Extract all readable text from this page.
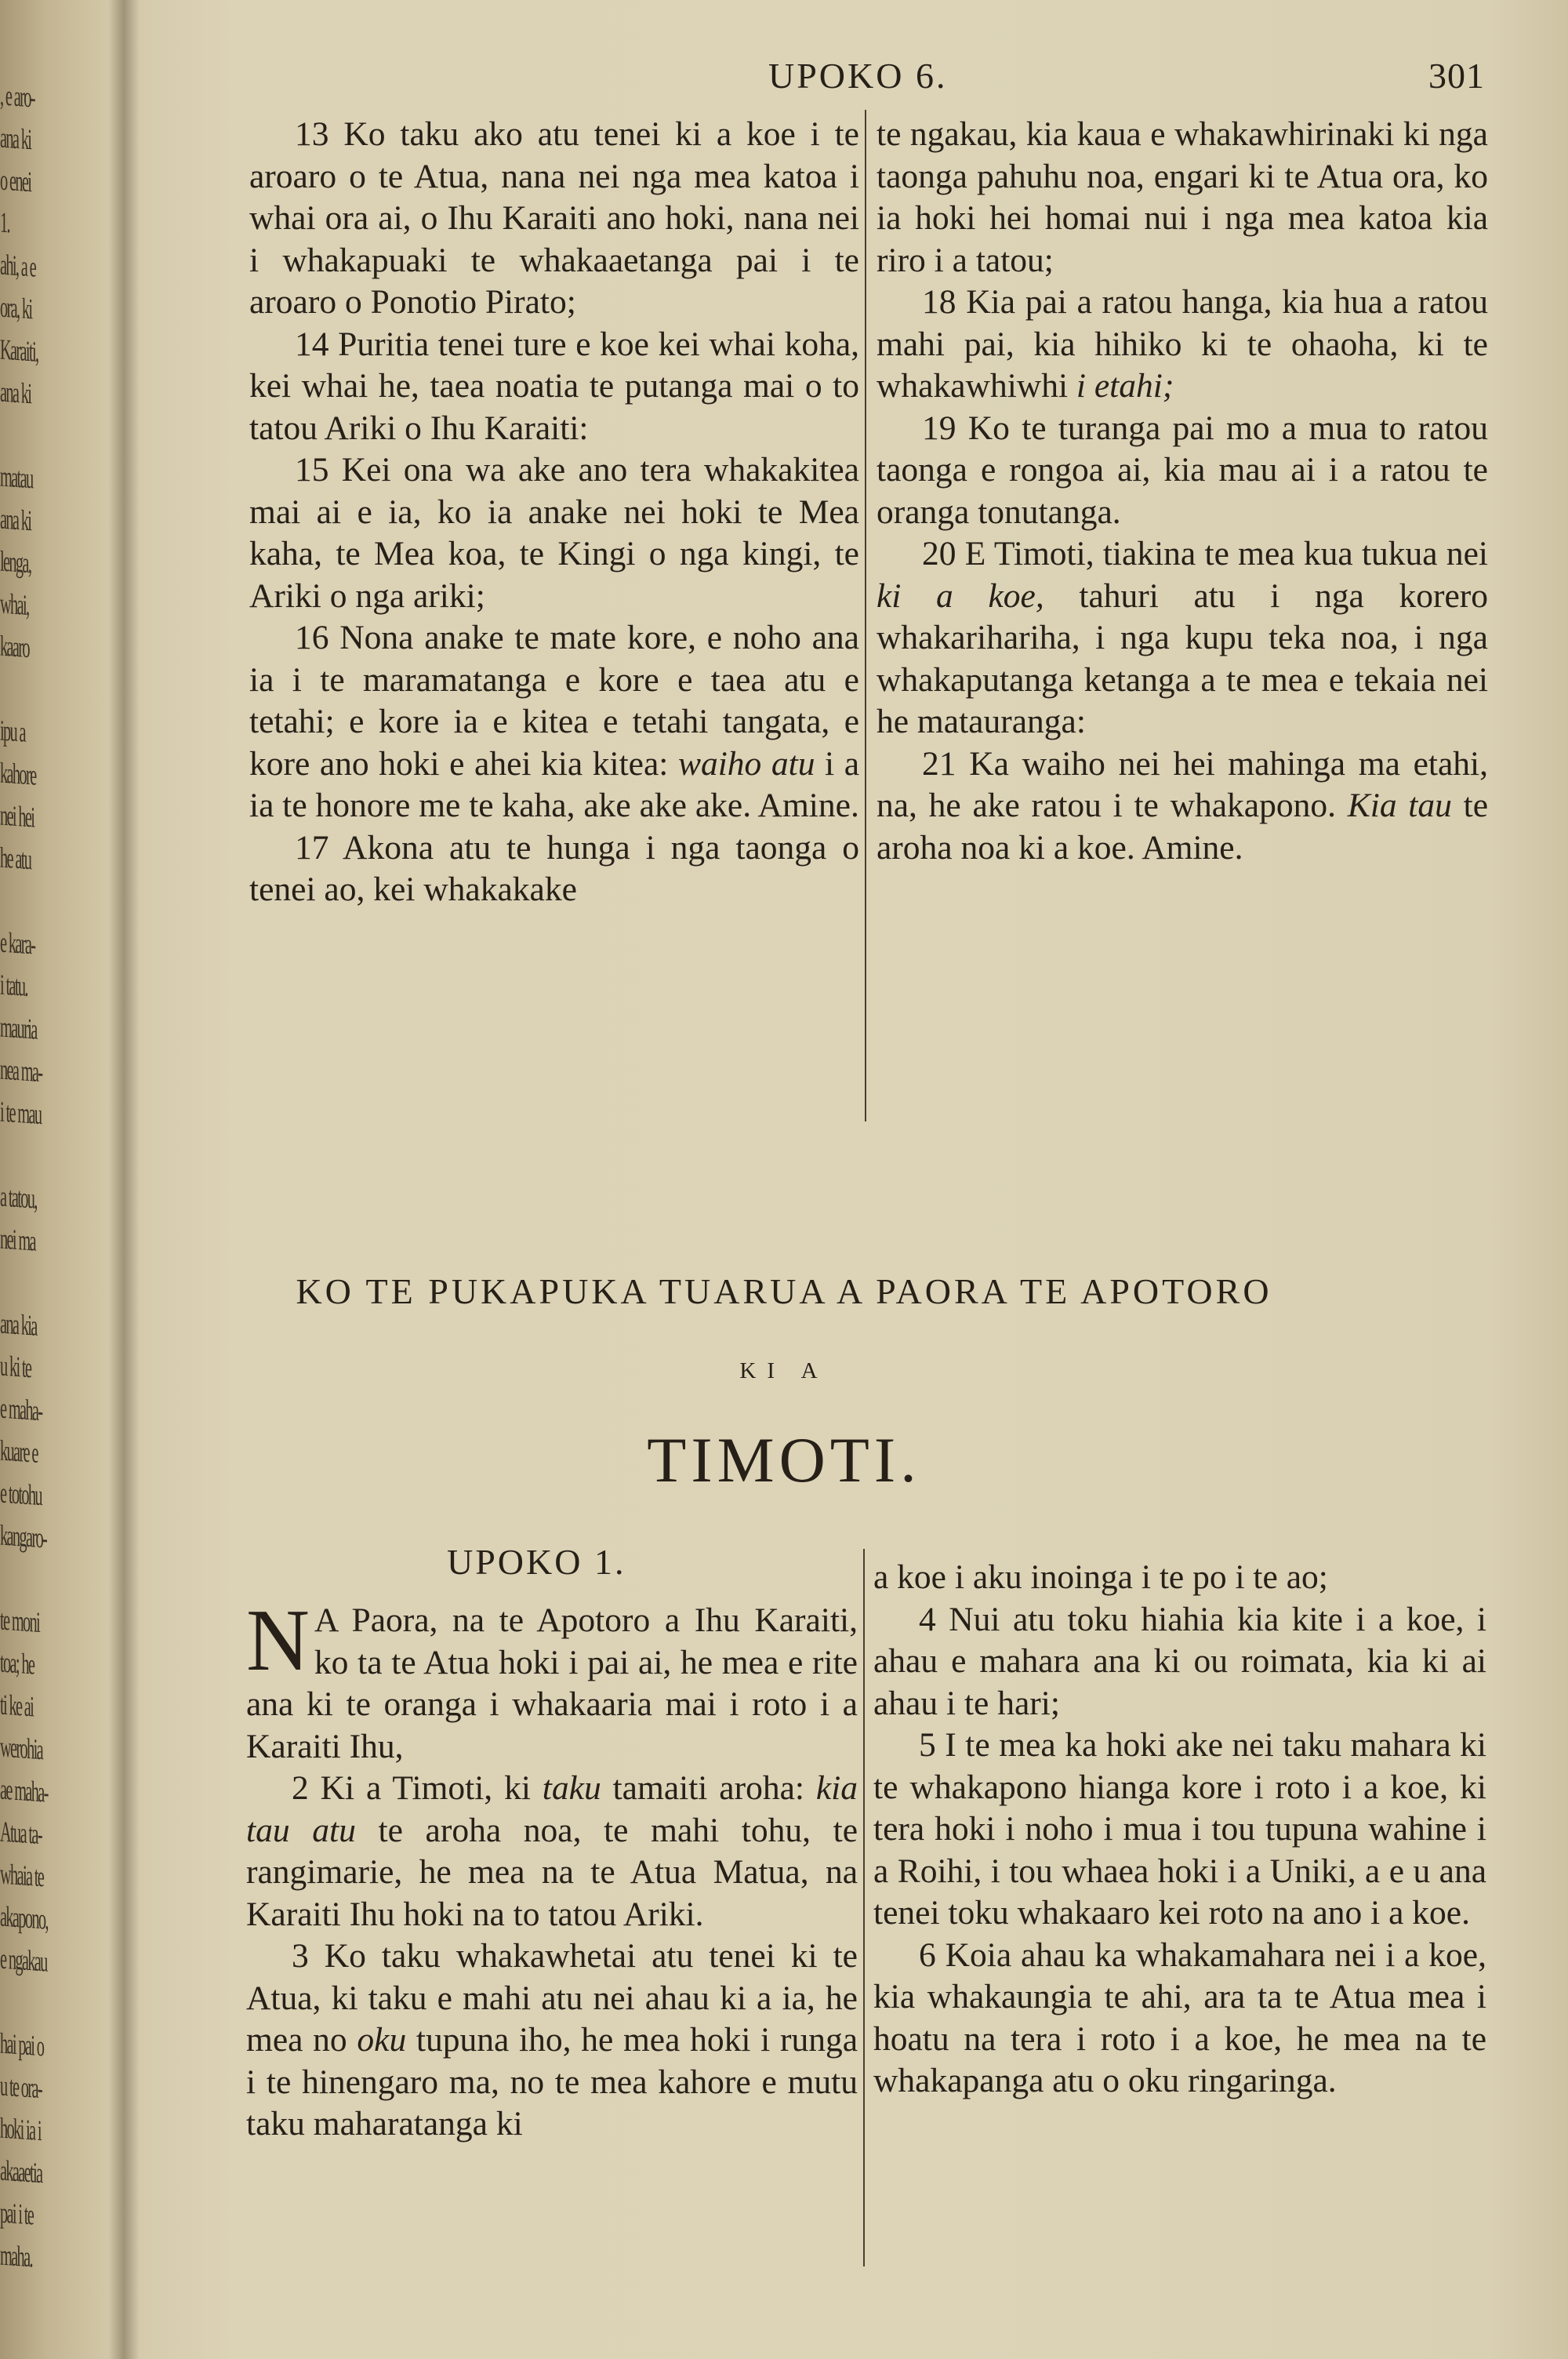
, e aro-
ana ki
o enei
1.
ahi, a e
ora, ki
Karaiti,
ana ki

matau
ana ki
lenga,
whai,
kaaro

ipu a
kahore
nei hei
he atu

e kara-
i tatu.
mauria
nea ma-
i te mau

a tatou,
nei ma

ana kia
u ki te
e maha-
kuare e
e totohu
kangaro-

te moni
toa; he
ti ke ai
werohia
ae maha-
Atua ta-
whaia te
akapono,
e ngakau

hai pai o
u te ora-
hoki ia i
akaaetia
pai i te
maha.
UPOKO 6.	301

13 Ko taku ako atu tenei ki a koe i te aroaro o te Atua, nana nei nga mea katoa i whai ora ai, o Ihu Karaiti ano hoki, nana nei i whakapuaki te whakaaetanga pai i te aroaro o Ponotio Pirato;

14 Puritia tenei ture e koe kei whai koha, kei whai he, taea noatia te putanga mai o to tatou Ariki o Ihu Karaiti:

15 Kei ona wa ake ano tera whakakitea mai ai e ia, ko ia anake nei hoki te Mea kaha, te Mea koa, te Kingi o nga kingi, te Ariki o nga ariki;

16 Nona anake te mate kore, e noho ana ia i te maramatanga e kore e taea atu e tetahi; e kore ia e kitea e tetahi tangata, e kore ano hoki e ahei kia kitea: waiho atu i a ia te honore me te kaha, ake ake ake. Amine.

17 Akona atu te hunga i nga taonga o tenei ao, kei whakakake

te ngakau, kia kaua e whakawhirinaki ki nga taonga pahuhu noa, engari ki te Atua ora, ko ia hoki hei homai nui i nga mea katoa kia riro i a tatou;

18 Kia pai a ratou hanga, kia hua a ratou mahi pai, kia hihiko ki te ohaoha, ki te whakawhiwhi i etahi;

19 Ko te turanga pai mo a mua to ratou taonga e rongoa ai, kia mau ai i a ratou te oranga tonutanga.

20 E Timoti, tiakina te mea kua tukua nei ki a koe, tahuri atu i nga korero whakarihariha, i nga kupu teka noa, i nga whakaputanga ketanga a te mea e tekaia nei he matauranga:

21 Ka waiho nei hei mahinga ma etahi, na, he ake ratou i te whakapono. Kia tau te aroha noa ki a koe. Amine.

KO TE PUKAPUKA TUARUA A PAORA TE APOTORO
KI A
TIMOTI.
UPOKO 1.

N A Paora, na te Apotoro a Ihu Karaiti, ko ta te Atua hoki i pai ai, he mea e rite ana ki te oranga i whakaaria mai i roto i a Karaiti Ihu,

2 Ki a Timoti, ki taku tamaiti aroha: kia tau atu te aroha noa, te mahi tohu, te rangimarie, he mea na te Atua Matua, na Karaiti Ihu hoki na to tatou Ariki.

3 Ko taku whakawhetai atu tenei ki te Atua, ki taku e mahi atu nei ahau ki a ia, he mea no oku tupuna iho, he mea hoki i runga i te hinengaro ma, no te mea kahore e mutu taku maharatanga ki

a koe i aku inoinga i te po i te ao;

4 Nui atu toku hiahia kia kite i a koe, i ahau e mahara ana ki ou roimata, kia ki ai ahau i te hari;

5 I te mea ka hoki ake nei taku mahara ki te whakapono hianga kore i roto i a koe, ki tera hoki i noho i mua i tou tupuna wahine i a Roihi, i tou whaea hoki i a Uniki, a e u ana tenei toku whakaaro kei roto na ano i a koe.

6 Koia ahau ka whakamahara nei i a koe, kia whakaungia te ahi, ara ta te Atua mea i hoatu na tera i roto i a koe, he mea na te whakapanga atu o oku ringaringa.
